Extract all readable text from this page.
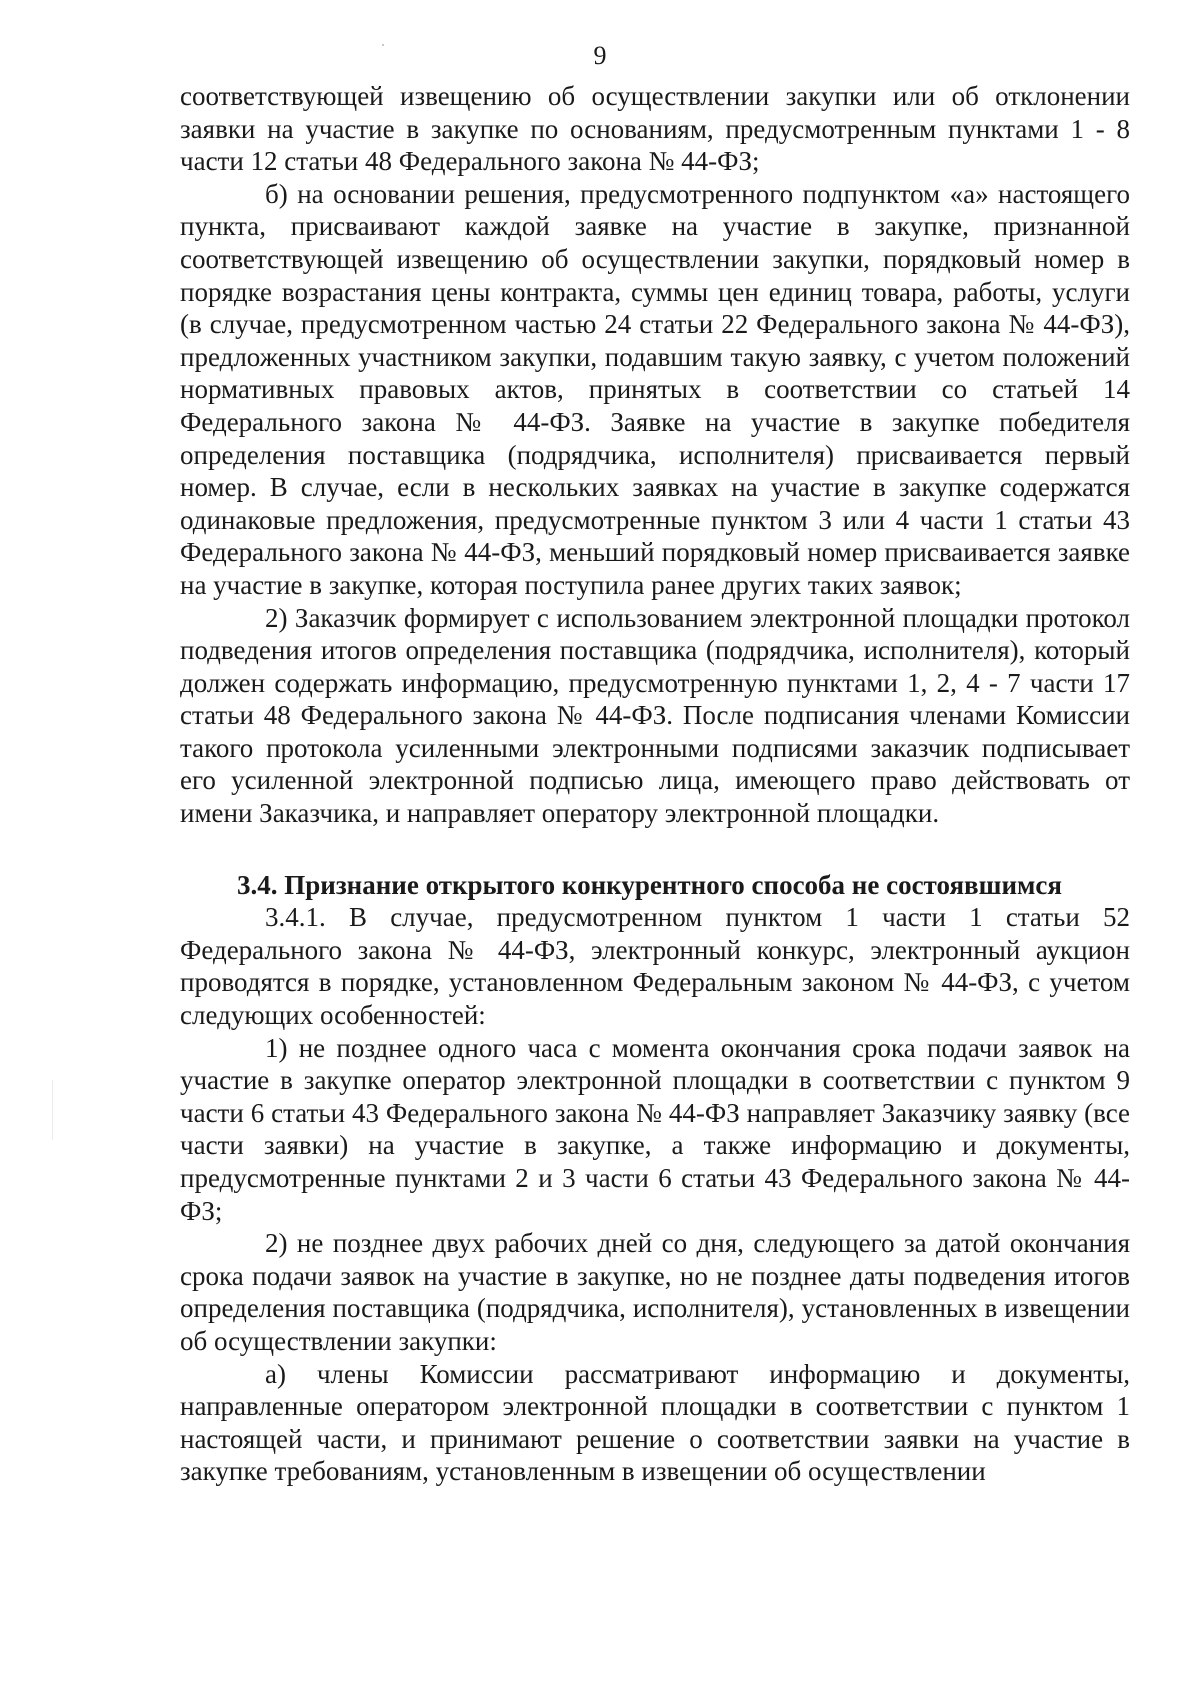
9

соответствующей извещению об осуществлении закупки или об отклонении заявки на участие в закупке по основаниям, предусмотренным пунктами 1 - 8 части 12 статьи 48 Федерального закона № 44-ФЗ;

б) на основании решения, предусмотренного подпунктом «а» настоящего пункта, присваивают каждой заявке на участие в закупке, признанной соответствующей извещению об осуществлении закупки, порядковый номер в порядке возрастания цены контракта, суммы цен единиц товара, работы, услуги (в случае, предусмотренном частью 24 статьи 22 Федерального закона № 44-ФЗ), предложенных участником закупки, подавшим такую заявку, с учетом положений нормативных правовых актов, принятых в соответствии со статьей 14 Федерального закона № 44-ФЗ. Заявке на участие в закупке победителя определения поставщика (подрядчика, исполнителя) присваивается первый номер. В случае, если в нескольких заявках на участие в закупке содержатся одинаковые предложения, предусмотренные пунктом 3 или 4 части 1 статьи 43 Федерального закона № 44-ФЗ, меньший порядковый номер присваивается заявке на участие в закупке, которая поступила ранее других таких заявок;

2) Заказчик формирует с использованием электронной площадки протокол подведения итогов определения поставщика (подрядчика, исполнителя), который должен содержать информацию, предусмотренную пунктами 1, 2, 4 - 7 части 17 статьи 48 Федерального закона № 44-ФЗ. После подписания членами Комиссии такого протокола усиленными электронными подписями заказчик подписывает его усиленной электронной подписью лица, имеющего право действовать от имени Заказчика, и направляет оператору электронной площадки.

3.4. Признание открытого конкурентного способа не состоявшимся

3.4.1. В случае, предусмотренном пунктом 1 части 1 статьи 52 Федерального закона № 44-ФЗ, электронный конкурс, электронный аукцион проводятся в порядке, установленном Федеральным законом № 44-ФЗ, с учетом следующих особенностей:

1) не позднее одного часа с момента окончания срока подачи заявок на участие в закупке оператор электронной площадки в соответствии с пунктом 9 части 6 статьи 43 Федерального закона № 44-ФЗ направляет Заказчику заявку (все части заявки) на участие в закупке, а также информацию и документы, предусмотренные пунктами 2 и 3 части 6 статьи 43 Федерального закона № 44-ФЗ;

2) не позднее двух рабочих дней со дня, следующего за датой окончания срока подачи заявок на участие в закупке, но не позднее даты подведения итогов определения поставщика (подрядчика, исполнителя), установленных в извещении об осуществлении закупки:

а) члены Комиссии рассматривают информацию и документы, направленные оператором электронной площадки в соответствии с пунктом 1 настоящей части, и принимают решение о соответствии заявки на участие в закупке требованиям, установленным в извещении об осуществлении
